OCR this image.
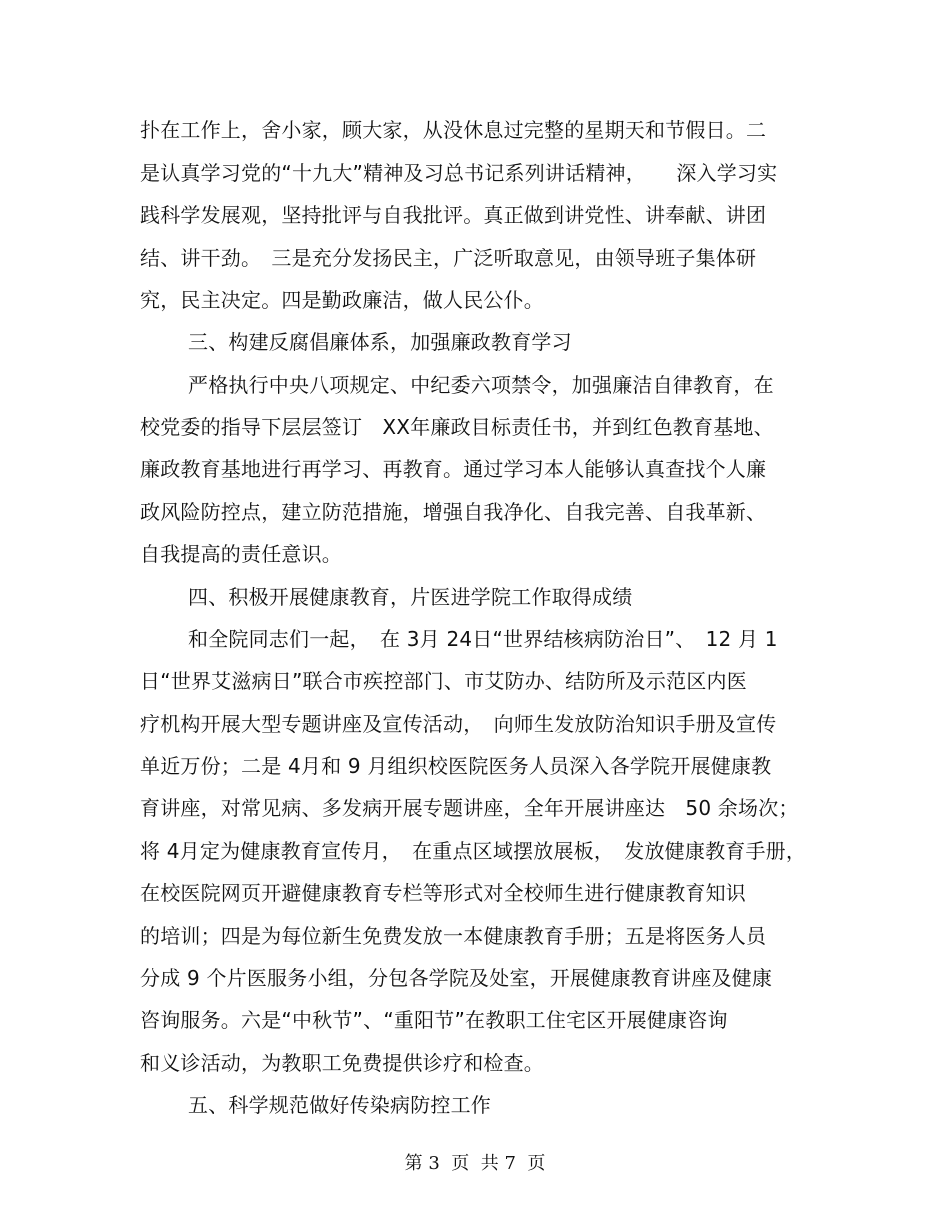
扑在工作上，舍小家，顾大家，从没休息过完整的星期天和节假日。二
是认真学习党的“十九大”精神及习总书记系列讲话精神，　　深入学习实
践科学发展观，坚持批评与自我批评。真正做到讲党性、讲奉献、讲团
结、讲干劲。　三是充分发扬民主，广泛听取意见，由领导班子集体研
究，民主决定。四是勤政廉洁，做人民公仆。
三、构建反腐倡廉体系，加强廉政教育学习
严格执行中央八项规定、中纪委六项禁令，加强廉洁自律教育，在
校党委的指导下层层签订　XX年廉政目标责任书，并到红色教育基地、
廉政教育基地进行再学习、再教育。通过学习本人能够认真查找个人廉
政风险防控点，建立防范措施，增强自我净化、自我完善、自我革新、
自我提高的责任意识。
四、积极开展健康教育，片医进学院工作取得成绩
和全院同志们一起，　在 3月 24日“世界结核病防治日”、　12 月 1
日“世界艾滋病日”联合市疾控部门、市艾防办、结防所及示范区内医
疗机构开展大型专题讲座及宣传活动，　向师生发放防治知识手册及宣传
单近万份；二是 4月和 9 月组织校医院医务人员深入各学院开展健康教
育讲座，对常见病、多发病开展专题讲座，全年开展讲座达　50 余场次；
将 4月定为健康教育宣传月，　在重点区域摆放展板，　发放健康教育手册，
在校医院网页开避健康教育专栏等形式对全校师生进行健康教育知识
的培训；四是为每位新生免费发放一本健康教育手册；五是将医务人员
分成 9 个片医服务小组，分包各学院及处室，开展健康教育讲座及健康
咨询服务。六是“中秋节”、“重阳节”在教职工住宅区开展健康咨询
和义诊活动，为教职工免费提供诊疗和检查。
五、科学规范做好传染病防控工作
第 3  页  共 7  页
